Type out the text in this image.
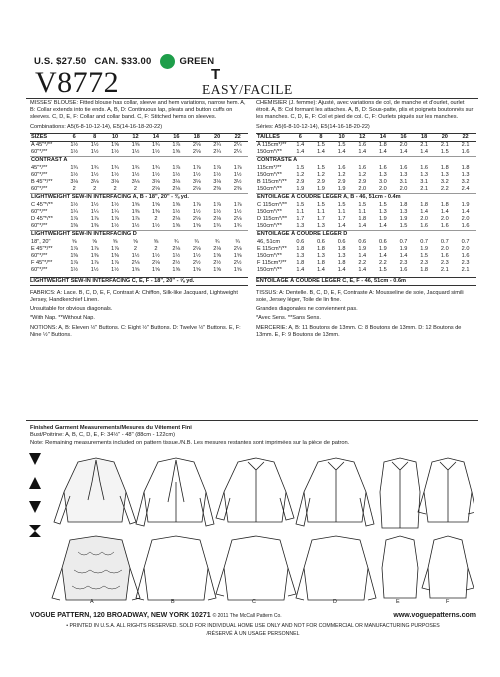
U.S. $27.50 CAN. $33.00	GREEN
T
V8772	EASY/FACILE

MISSES' BLOUSE: Fitted blouse has collar, sleeve and hem variations, narrow hem. A, B: Collar extends into tie ends. A, B, D: Continuous lap, pleats and button cuffs on sleeves. C, D, E, F: Collar and collar band. C, F: Stitched hems on sleeves.

Combinations: A5(6-8-10-12-14), E5(14-16-18-20-22)

SIZES	6	8	10	12	14	16	18	20	22
A 45"*/**	1½	1½	1⅝	1⅝	1¾	1⅞	2⅛	2¼	2¼
60"*/**	1½	1½	1½	1½	1½	1⅝	2⅛	2¼	2¼
CONTRAST A									
45"*/**	1¾	1¾	1¾	1¾	1¾	1⅞	1⅞	1⅞	1⅞
60"*/**	1½	1½	1½	1½	1½	1½	1½	1½	1½
B 45"*/**	3⅛	3⅛	3⅛	3⅛	3⅛	3⅛	3⅛	3⅛	3½
60"*/**	2	2	2	2	2⅛	2⅛	2⅛	2⅜	2⅜
LIGHTWEIGHT SEW-IN INTERFACING A, B - 18", 20" - ⅜ yd.									
C 45"*/**	1½	1½	1½	1⅝	1⅝	1⅝	1⅞	1⅞	1⅞
60"*/**	1¼	1¼	1¼	1⅜	1⅜	1½	1½	1½	1½
D 45"*/**	1⅞	1⅞	1⅞	1⅞	2	2⅛	2⅛	2⅛	2⅛
60"*/**	1⅜	1⅜	1½	1½	1½	1⅝	1⅝	1¾	1¾
LIGHTWEIGHT SEW-IN INTERFACING D									
18", 20"	⅝	⅝	⅝	⅝	⅝	¾	¾	¾	¾
E 45"*/**	1⅞	1⅞	1⅞	2	2	2⅛	2⅛	2⅛	2⅛
60"*/**	1⅜	1⅜	1⅜	1½	1½	1½	1½	1⅝	1⅝
F 45"*/**	1⅞	1⅞	1⅞	2⅛	2⅛	2½	2½	2½	2½
60"*/**	1½	1½	1½	1⅝	1⅝	1⅝	1⅝	1⅝	1⅝

LIGHTWEIGHT SEW-IN INTERFACING C, E, F - 18", 20" - ⅝ yd.

FABRICS: A: Lace. B, C, D, E, F, Contrast A: Chiffon, Silk-like Jacquard, Lightweight Jersey, Handkerchief Linen.

Unsuitable for obvious diagonals.

*With Nap. **Without Nap.

NOTIONS: A, B: Eleven ½" Buttons. C: Eight ½" Buttons. D: Twelve ½" Buttons. E, F: Nine ½" Buttons.

CHEMISIER (J. femme): Ajusté, avec variations de col, de manche et d'ourlet, ourlet étroit. A, B: Col formant les attaches. A, B, D: Sous-patte, plis et poignets boutonnés sur les manches. C, D, E, F: Col et pied de col. C, F: Ourlets piqués sur les manches.

Séries: A5(6-8-10-12-14), E5(14-16-18-20-22)

TAILLES	6	8	10	12	14	16	18	20	22
A 115cm*/**	1.4	1.5	1.5	1.6	1.8	2.0	2.1	2.1	2.1
150cm*/**	1.4	1.4	1.4	1.4	1.4	1.4	1.4	1.5	1.6
CONTRASTE A									
115cm*/**	1.5	1.5	1.6	1.6	1.6	1.6	1.6	1.8	1.8
150cm*/**	1.2	1.2	1.2	1.2	1.3	1.3	1.3	1.3	1.3
B 115cm*/**	2.9	2.9	2.9	2.9	3.0	3.1	3.1	3.2	3.2
150cm*/**	1.9	1.9	1.9	2.0	2.0	2.0	2.1	2.2	2.4
ENTOILAGE À COUDRE LÉGER A, B - 46, 51cm - 0.4m									
C 115cm*/**	1.5	1.5	1.5	1.5	1.5	1.8	1.8	1.8	1.9
150cm*/**	1.1	1.1	1.1	1.1	1.3	1.3	1.4	1.4	1.4
D 115cm*/**	1.7	1.7	1.7	1.8	1.9	1.9	2.0	2.0	2.0
150cm*/**	1.3	1.3	1.4	1.4	1.4	1.5	1.6	1.6	1.6
ENTOILAGE À COUDRE LÉGER D									
46, 51cm	0.6	0.6	0.6	0.6	0.6	0.7	0.7	0.7	0.7
E 115cm*/**	1.8	1.8	1.8	1.9	1.9	1.9	1.9	2.0	2.0
150cm*/**	1.3	1.3	1.3	1.4	1.4	1.4	1.5	1.6	1.6
F 115cm*/**	1.8	1.8	1.8	2.2	2.2	2.3	2.3	2.3	2.3
150cm*/**	1.4	1.4	1.4	1.4	1.5	1.6	1.8	2.1	2.1

ENTOILAGE À COUDRE LÉGER C, E, F - 46, 51cm - 0.6m

TISSUS: A: Dentelle. B, C, D, E, F, Contraste A: Mousseline de soie, Jacquard simili soie, Jersey léger, Toile de lin fine.

Grandes diagonales ne conviennent pas.

*Avec Sens. **Sans Sens.

MERCERIE: A, B: 11 Boutons de 13mm. C: 8 Boutons de 13mm. D: 12 Boutons de 13mm. E, F: 9 Boutons de 13mm.

Finished Garment Measurements/Mesures du Vêtement Fini

Bust/Poitrine: A, B, C, D, E, F: 34½" - 48" (88cm - 122cm)

Note: Remaining measurements included on pattern tissue./N.B. Les mesures restantes sont imprimées sur la pièce de patron.

A	B	C	D	E	F
VOGUE PATTERN, 120 BROADWAY, NEW YORK 10271 © 2011 The McCall Pattern Co.	www.voguepatterns.com
• PRINTED IN U.S.A. ALL RIGHTS RESERVED. SOLD FOR INDIVIDUAL HOME USE ONLY AND NOT FOR COMMERCIAL OR MANUFACTURING PURPOSES
/RÉSERVÉ À UN USAGE PERSONNEL
